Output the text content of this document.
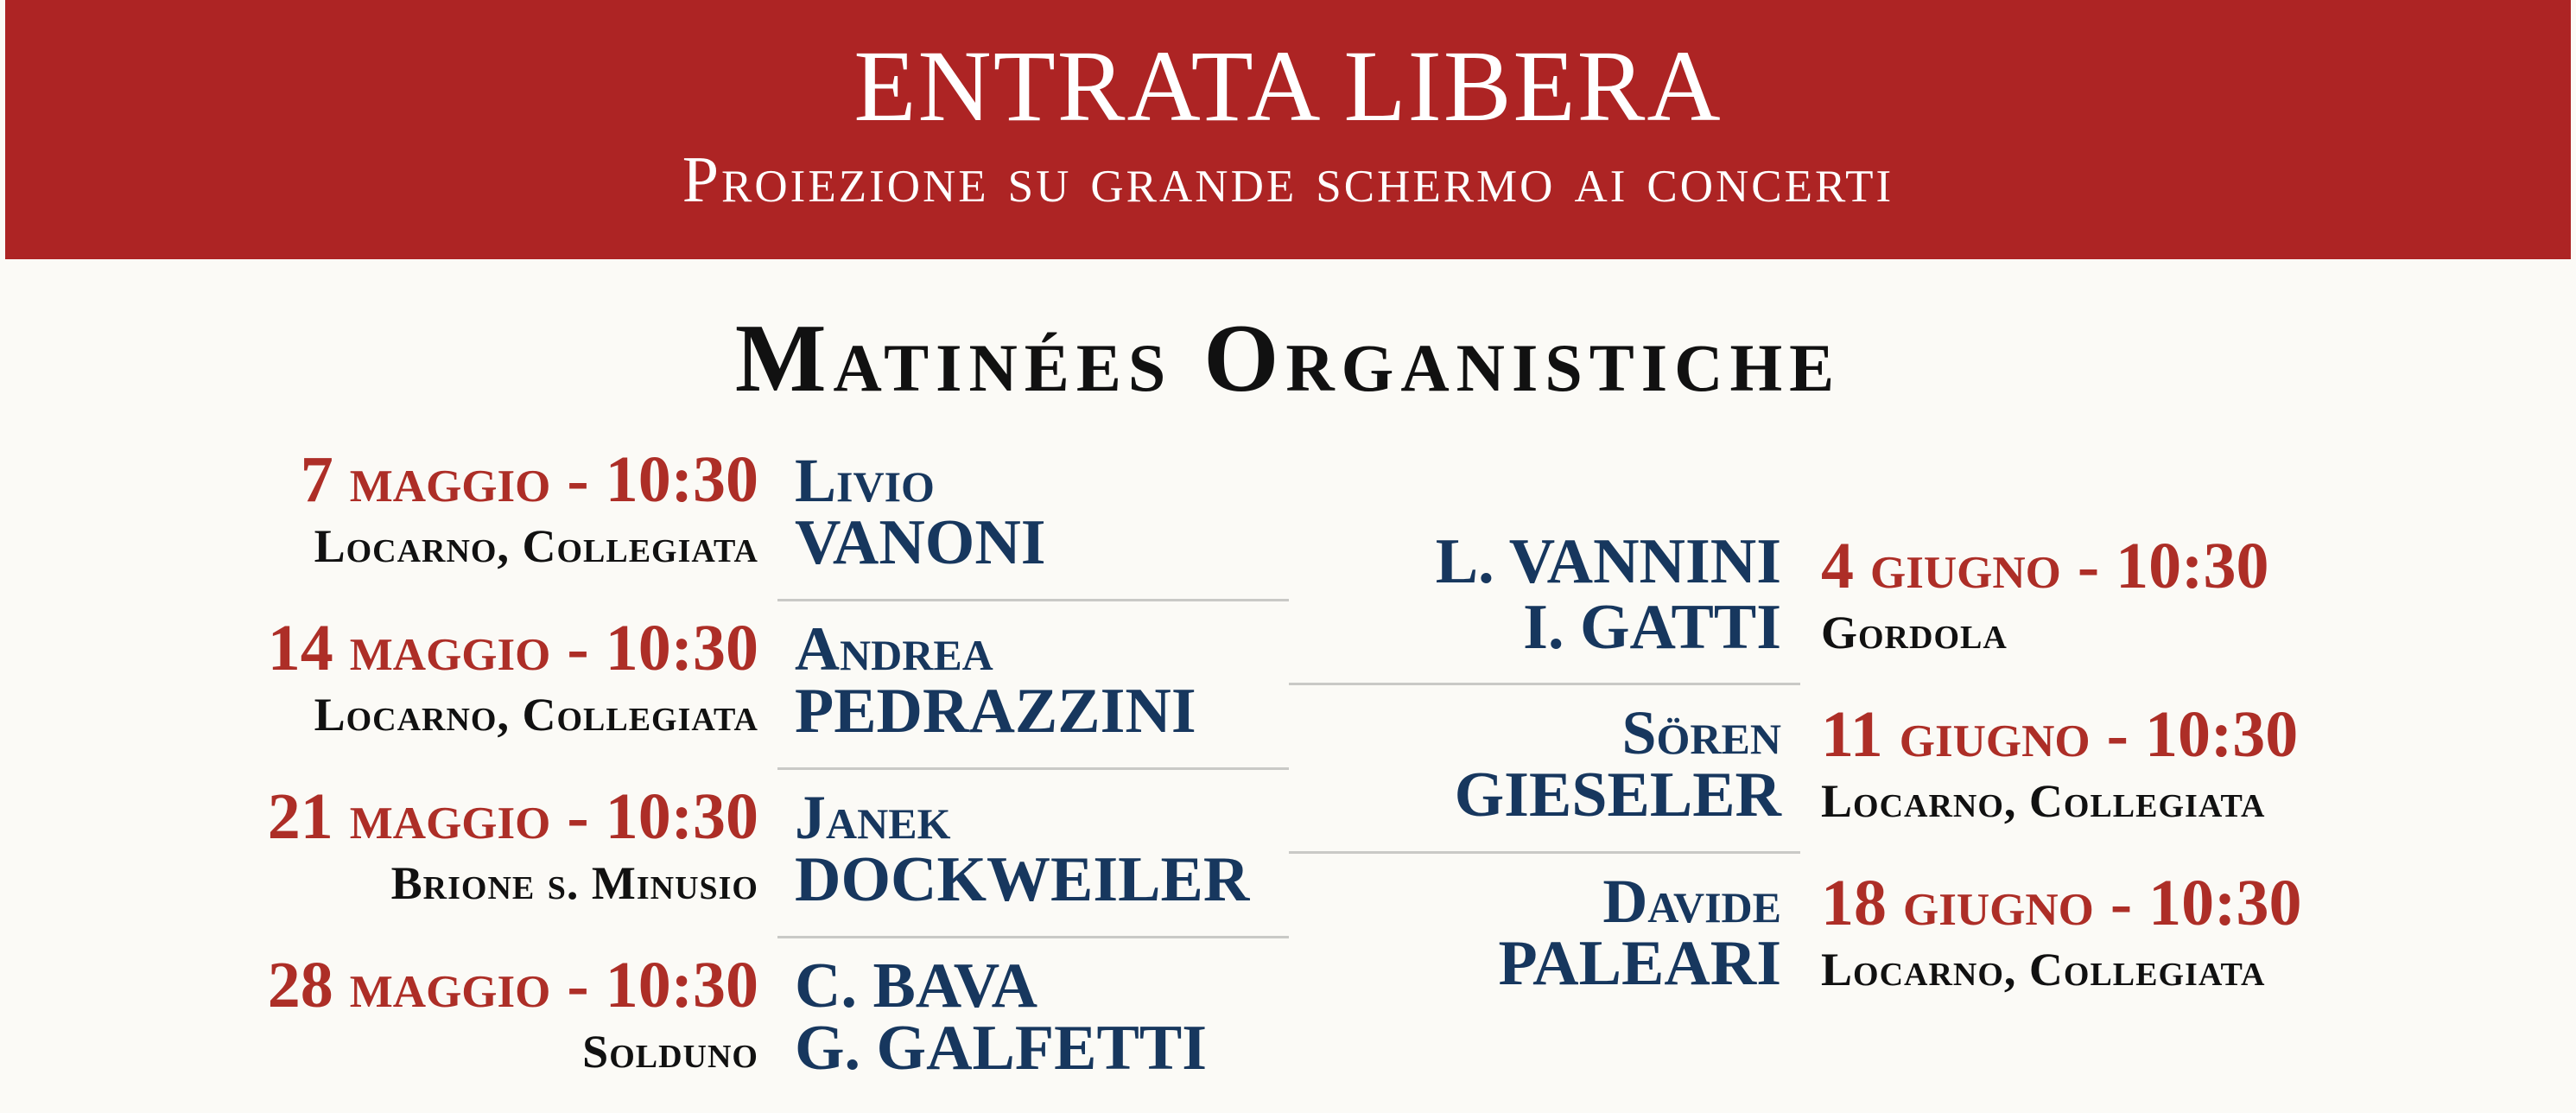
ENTRATA LIBERA
Proiezione su grande schermo ai concerti
Matinées Organistiche
7 maggio - 10:30
Locarno, Collegiata
Livio
VANONI
14 maggio - 10:30
Locarno, Collegiata
Andrea
PEDRAZZINI
21 maggio - 10:30
Brione s. Minusio
Janek
DOCKWEILER
28 maggio - 10:30
Solduno
C. BAVA
G. GALFETTI
L. VANNINI
I. GATTI
4 giugno - 10:30
Gordola
Sören
GIESELER
11 giugno - 10:30
Locarno, Collegiata
Davide
PALEARI
18 giugno - 10:30
Locarno, Collegiata
